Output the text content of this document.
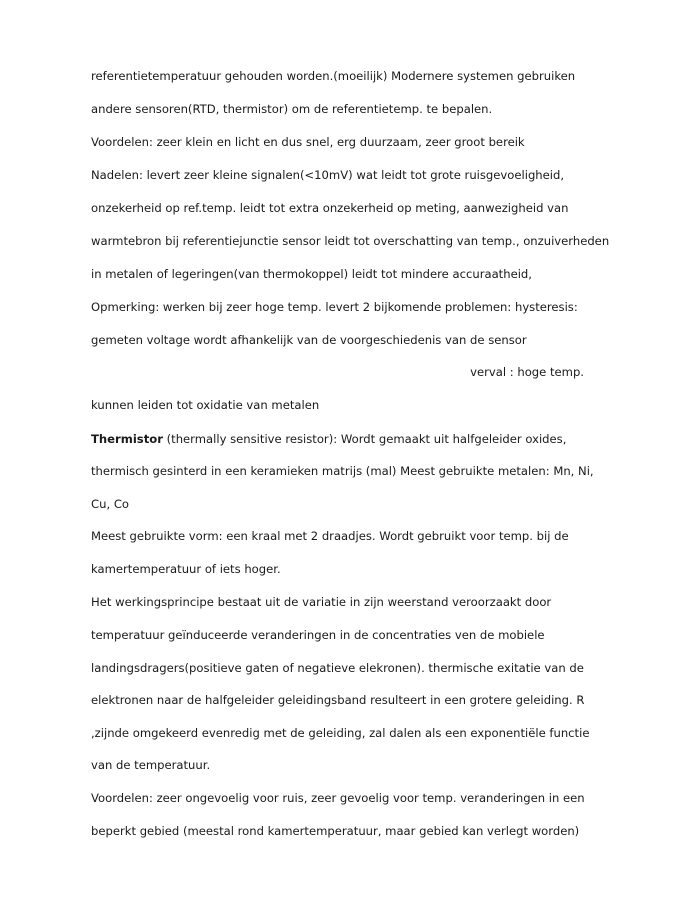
referentietemperatuur gehouden worden.(moeilijk) Modernere systemen gebruiken
andere sensoren(RTD, thermistor) om de referentietemp. te bepalen.
Voordelen: zeer klein en licht en dus snel, erg duurzaam, zeer groot bereik
Nadelen: levert zeer kleine signalen(<10mV) wat leidt tot grote ruisgevoeligheid,
onzekerheid op ref.temp. leidt tot extra onzekerheid op meting, aanwezigheid van
warmtebron bij referentiejunctie sensor leidt tot overschatting van temp., onzuiverheden
in metalen of legeringen(van thermokoppel) leidt tot mindere accuraatheid,
Opmerking: werken bij zeer hoge temp. levert 2 bijkomende problemen: hysteresis:
gemeten voltage wordt afhankelijk van de voorgeschiedenis van de sensor
verval : hoge temp.
kunnen leiden tot oxidatie van metalen
Thermistor (thermally sensitive resistor): Wordt gemaakt uit halfgeleider oxides,
thermisch gesinterd in een keramieken matrijs (mal) Meest gebruikte metalen: Mn, Ni,
Cu, Co
Meest gebruikte vorm: een kraal met 2 draadjes. Wordt gebruikt voor temp. bij de
kamertemperatuur of iets hoger.
Het werkingsprincipe bestaat uit de variatie in zijn weerstand veroorzaakt door
temperatuur geïnduceerde veranderingen in de concentraties ven de mobiele
landingsdragers(positieve gaten of negatieve elekronen). thermische exitatie van de
elektronen naar de halfgeleider geleidingsband resulteert in een grotere geleiding. R
,zijnde omgekeerd evenredig met de geleiding, zal dalen als een exponentiële functie
van de temperatuur.
Voordelen: zeer ongevoelig voor ruis, zeer gevoelig voor temp. veranderingen in een
beperkt gebied (meestal rond kamertemperatuur, maar gebied kan verlegt worden)
